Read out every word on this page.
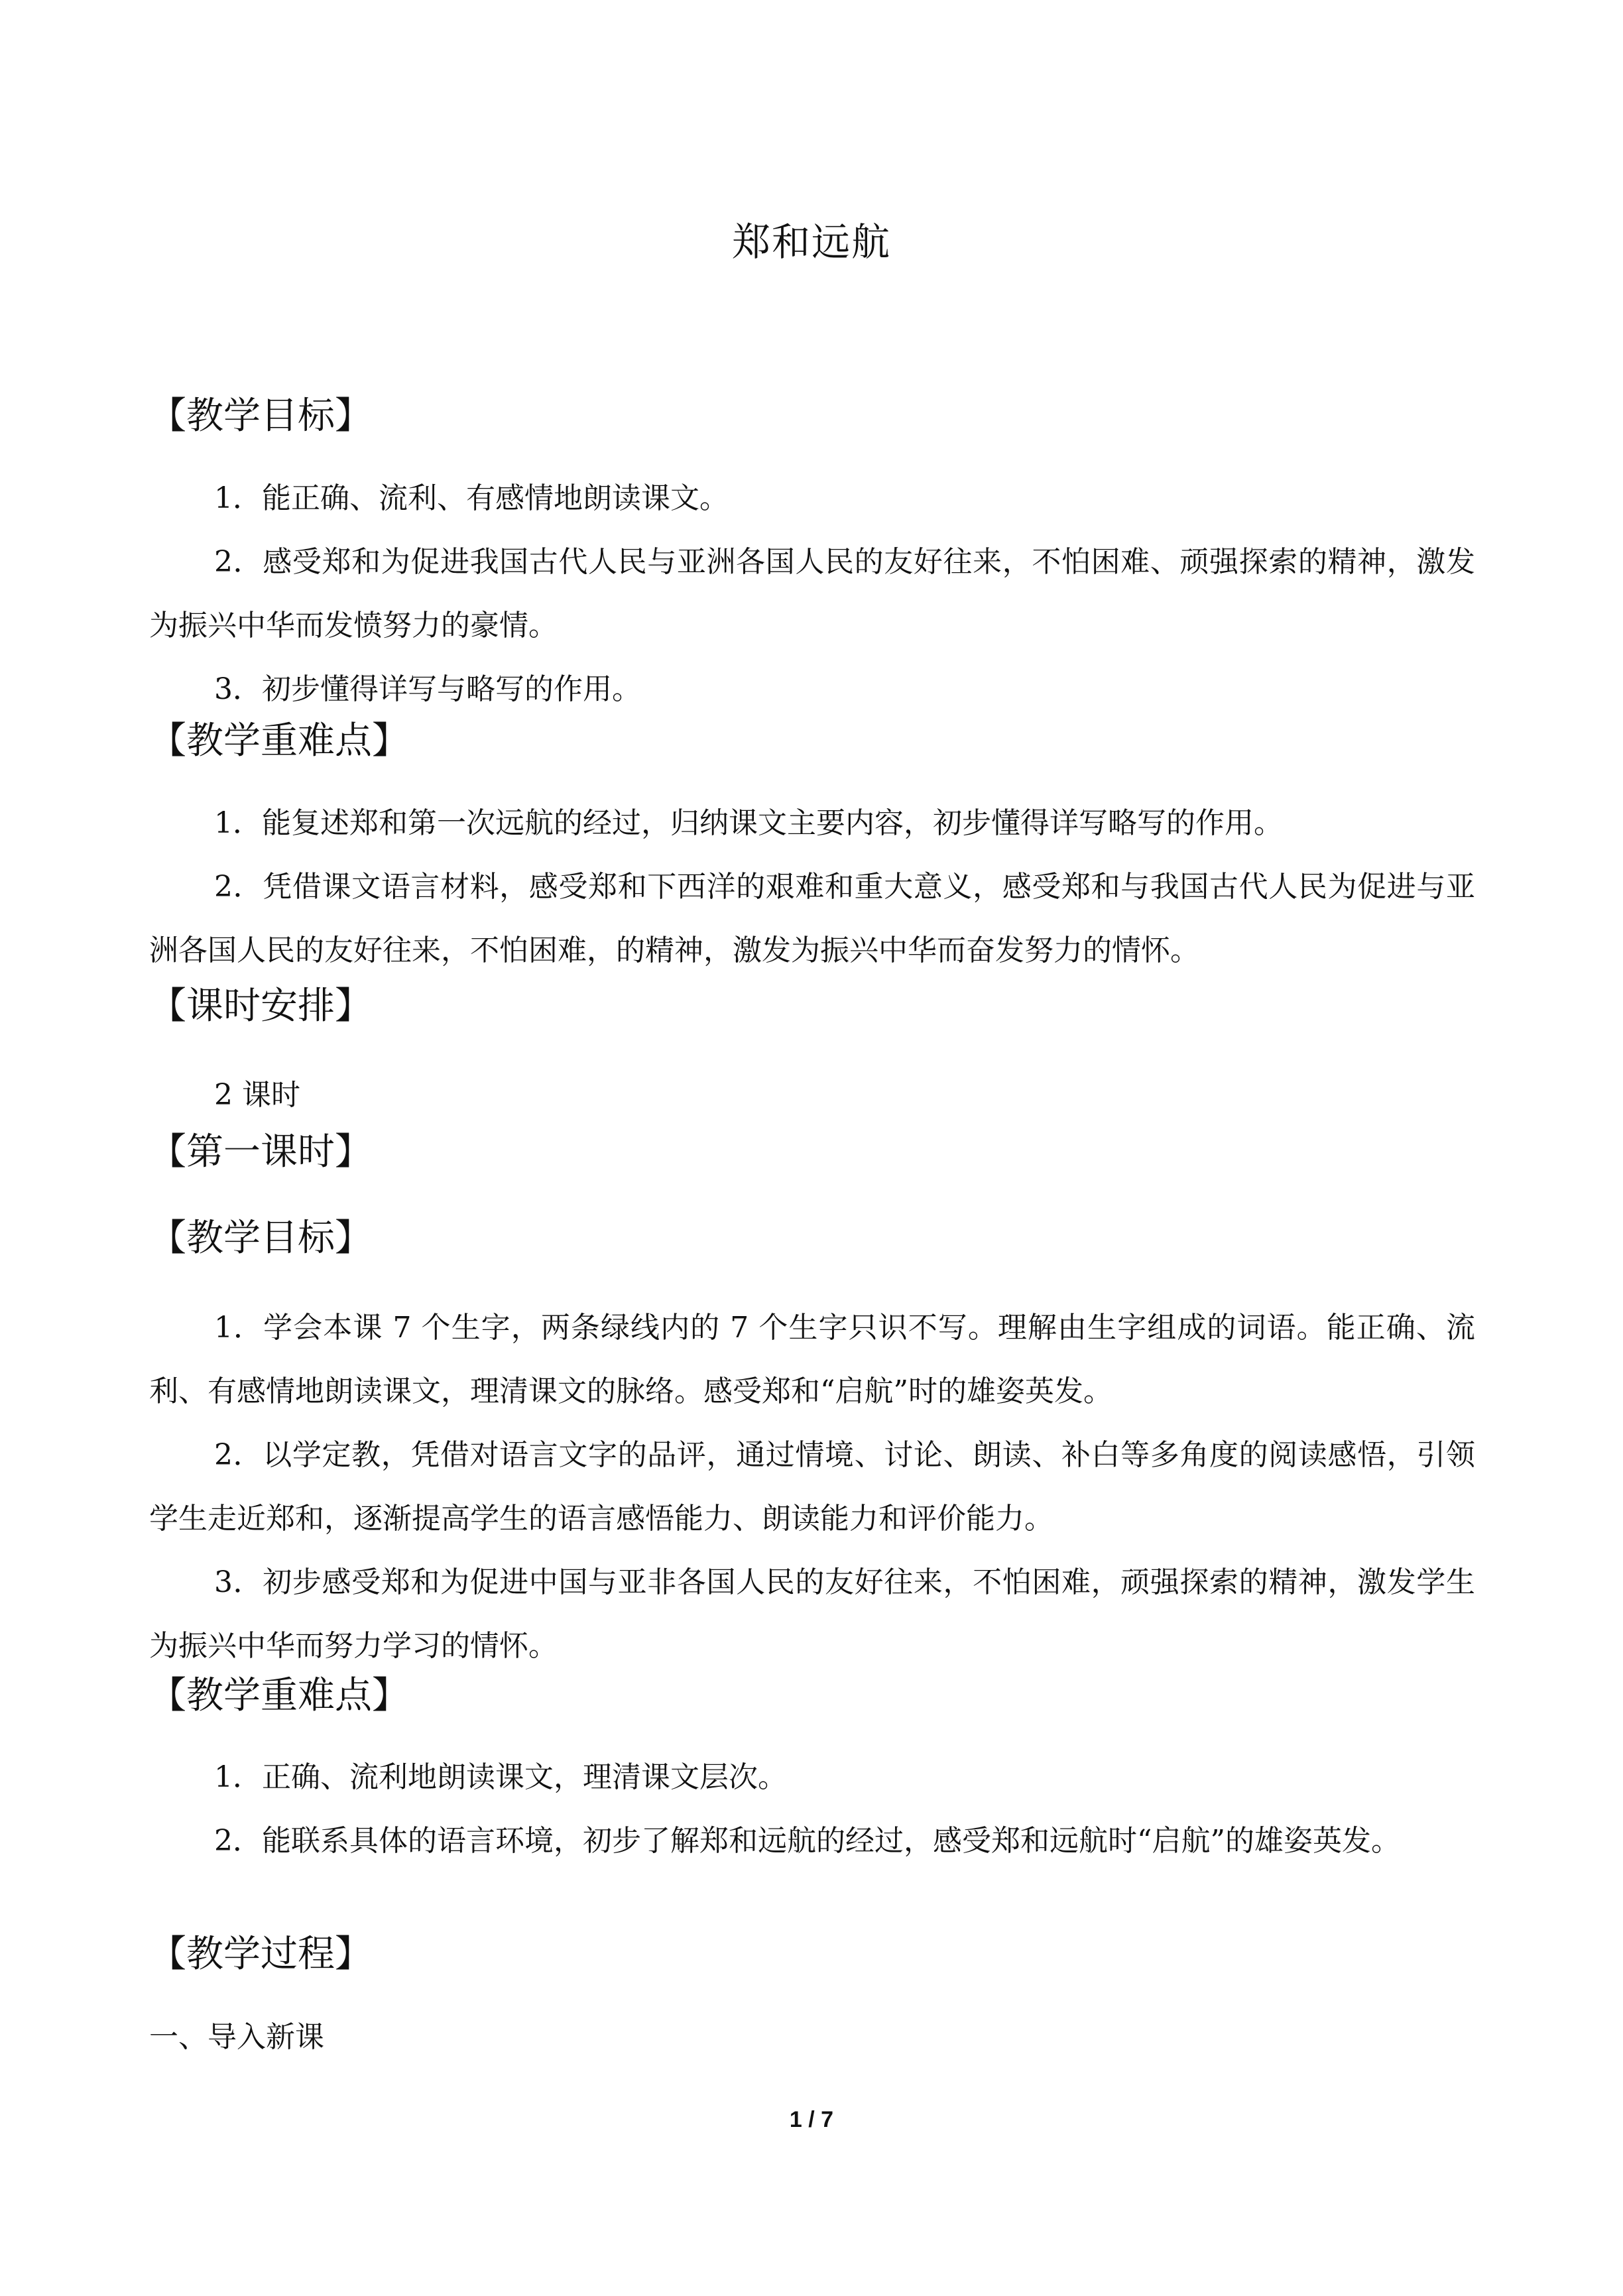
郑和远航
【教学目标】
1．能正确、流利、有感情地朗读课文。
2．感受郑和为促进我国古代人民与亚洲各国人民的友好往来，不怕困难、顽强探索的精神，激发为振兴中华而发愤努力的豪情。
3．初步懂得详写与略写的作用。
【教学重难点】
1．能复述郑和第一次远航的经过，归纳课文主要内容，初步懂得详写略写的作用。
2．凭借课文语言材料，感受郑和下西洋的艰难和重大意义，感受郑和与我国古代人民为促进与亚洲各国人民的友好往来，不怕困难，的精神，激发为振兴中华而奋发努力的情怀。
【课时安排】
2 课时
【第一课时】
【教学目标】
1．学会本课 7 个生字，两条绿线内的 7 个生字只识不写。理解由生字组成的词语。能正确、流利、有感情地朗读课文，理清课文的脉络。感受郑和“启航”时的雄姿英发。
2．以学定教，凭借对语言文字的品评，通过情境、讨论、朗读、补白等多角度的阅读感悟，引领学生走近郑和，逐渐提高学生的语言感悟能力、朗读能力和评价能力。
3．初步感受郑和为促进中国与亚非各国人民的友好往来，不怕困难，顽强探索的精神，激发学生为振兴中华而努力学习的情怀。
【教学重难点】
1．正确、流利地朗读课文，理清课文层次。
2．能联系具体的语言环境，初步了解郑和远航的经过，感受郑和远航时“启航”的雄姿英发。
【教学过程】
一、导入新课
1 / 7
